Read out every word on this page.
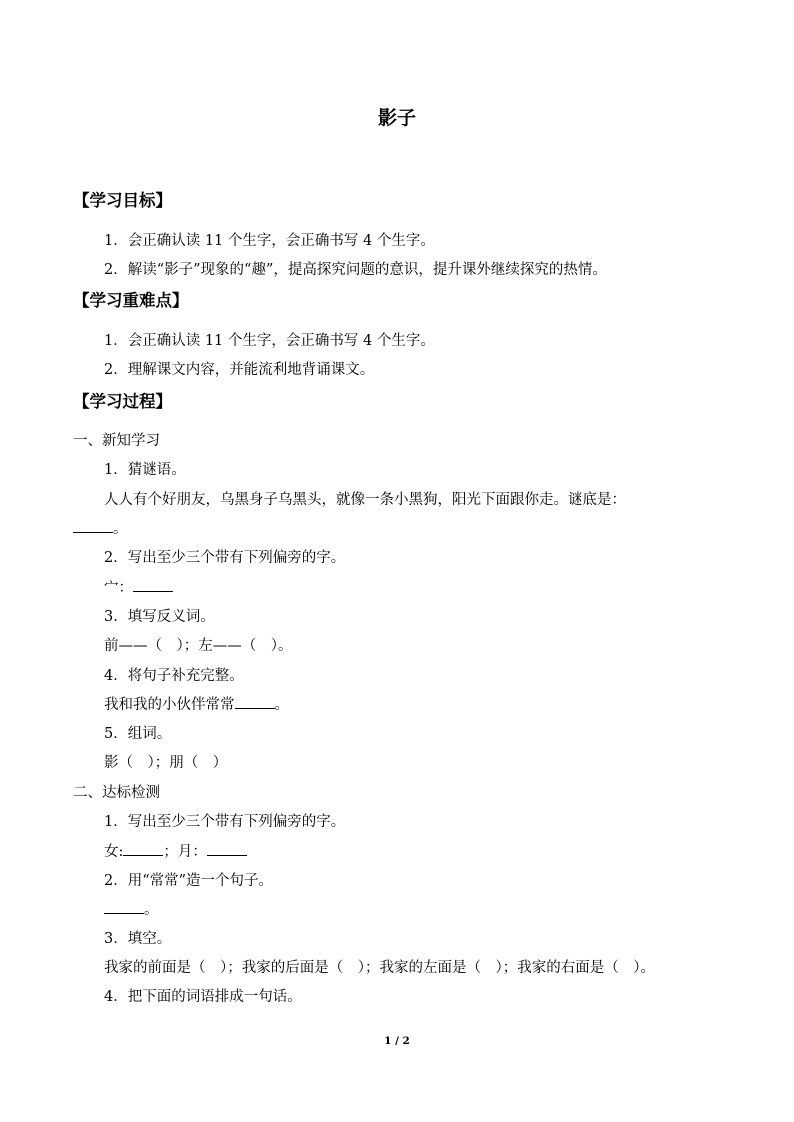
影子
【学习目标】
1．会正确认读 11 个生字，会正确书写 4 个生字。
2．解读“影子”现象的“趣”，提高探究问题的意识，提升课外继续探究的热情。
【学习重难点】
1．会正确认读 11 个生字，会正确书写 4 个生字。
2．理解课文内容，并能流利地背诵课文。
【学习过程】
一、新知学习
1．猜谜语。
人人有个好朋友，乌黑身子乌黑头，就像一条小黑狗，阳光下面跟你走。谜底是：
。
2．写出至少三个带有下列偏旁的字。
宀：
3．填写反义词。
前——（　）；左——（　）。
4．将句子补充完整。
我和我的小伙伴常常	。
5．组词。
影（　）；朋（　）
二、达标检测
1．写出至少三个带有下列偏旁的字。
女:	；月：
2．用“常常”造一个句子。
。
3．填空。
我家的前面是（　）；我家的后面是（　）；我家的左面是（　）；我家的右面是（　）。
4．把下面的词语排成一句话。
1 / 2
